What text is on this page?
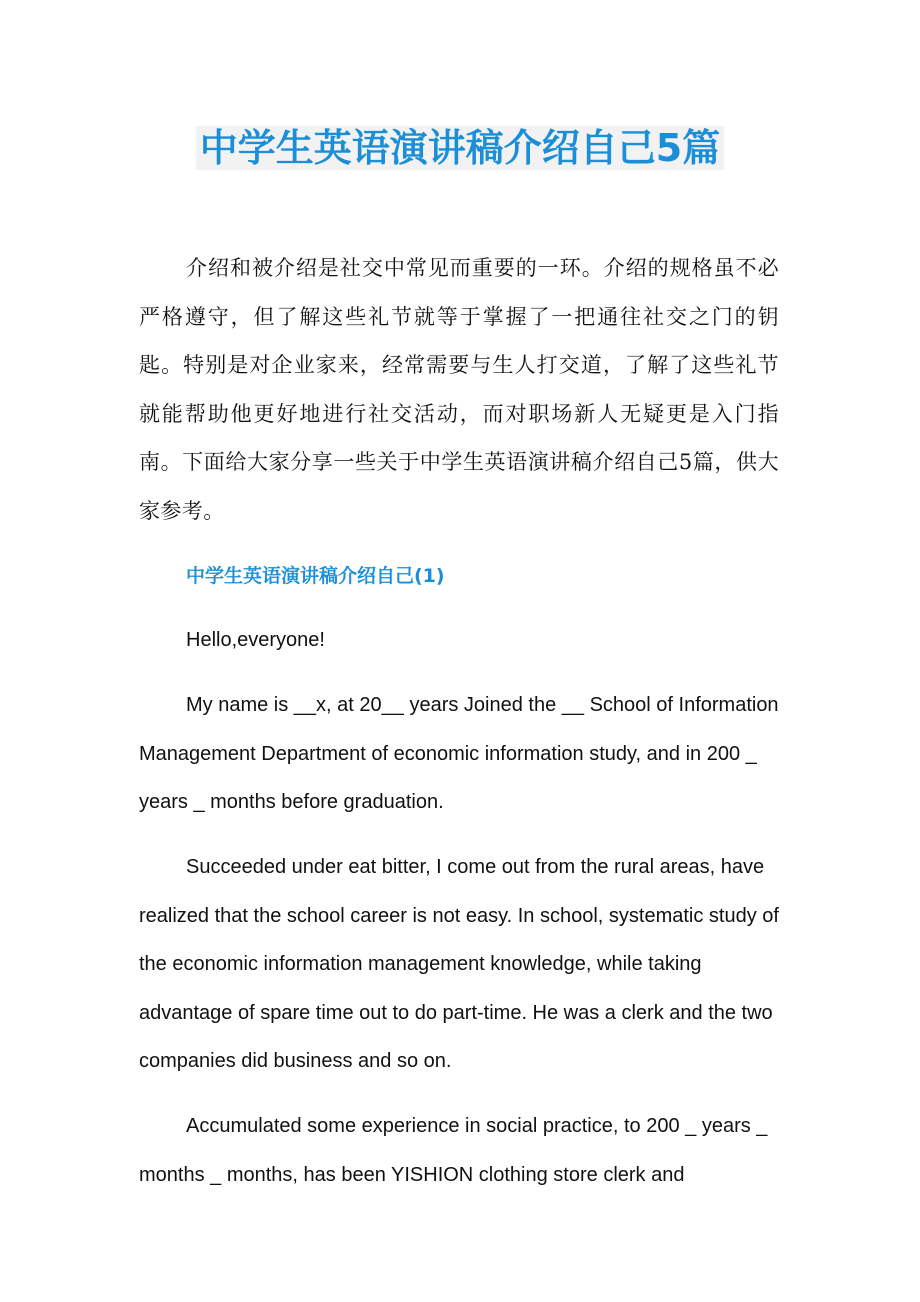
中学生英语演讲稿介绍自己5篇

介绍和被介绍是社交中常见而重要的一环。介绍的规格虽不必严格遵守，但了解这些礼节就等于掌握了一把通往社交之门的钥匙。特别是对企业家来，经常需要与生人打交道，了解了这些礼节就能帮助他更好地进行社交活动，而对职场新人无疑更是入门指南。下面给大家分享一些关于中学生英语演讲稿介绍自己5篇，供大家参考。

中学生英语演讲稿介绍自己(1)

Hello,everyone!

My name is __x, at 20__ years Joined the __ School of Information Management Department of economic information study, and in 200 _ years _ months before graduation.

Succeeded under eat bitter, I come out from the rural areas, have realized that the school career is not easy. In school, systematic study of the economic information management knowledge, while taking advantage of spare time out to do part-time. He was a clerk and the two companies did business and so on.

Accumulated some experience in social practice, to 200 _ years _ months _ months, has been YISHION clothing store clerk and
